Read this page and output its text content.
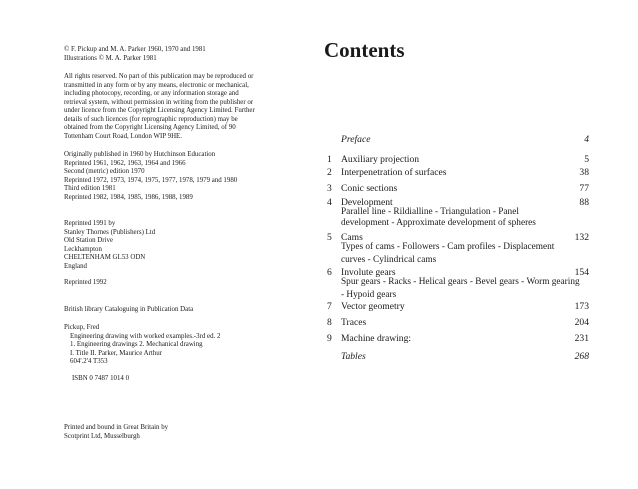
© F. Pickup and M. A. Parker 1960, 1970 and 1981
Illustrations © M. A. Parker 1981
All rights reserved. No part of this publication may be reproduced or
transmitted in any form or by any means, electronic or mechanical,
including photocopy, recording, or any information storage and
retrieval system, without permission in writing from the publisher or
under licence from the Copyright Licensing Agency Limited. Further
details of such licences (for reprographic reproduction) may be
obtained from the Copyright Licensing Agency Limited, of 90
Tottenham Court Road, London WIP 9HE.
Originally published in 1960 by Hutchinson Education
Reprinted 1961, 1962, 1963, 1964 and 1966
Second (metric) edition 1970
Reprinted 1972, 1973, 1974, 1975, 1977, 1978, 1979 and 1980
Third edition 1981
Reprinted 1982, 1984, 1985, 1986, 1988, 1989
Reprinted 1991 by
Stanley Thornes (Publishers) Ltd
Old Station Drive
Leckhampton
CHELTENHAM GL53 ODN
England
Reprinted 1992
British library Cataloguing in Publication Data
Pickup, Fred
Engineering drawing with worked examples.-3rd ed. 2
1. Engineering drawings 2. Mechanical drawing
I. Title II. Parker, Maurice Arthur
604'.2'4 T353
ISBN 0 7487 1014 0
Printed and bound in Great Britain by
Scotprint Ltd, Musselburgh
Contents
Preface	4
1 Auxiliary projection	5
2 Interpenetration of surfaces	38
3 Conic sections	77
4 Development	88
Parallel line - Rildialline - Triangulation - Panel
development - Approximate development of spheres
5 Cams	132
Types of cams - Followers - Cam profiles - Displacement
curves - Cylindrical cams
6 Involute gears	154
Spur gears - Racks - Helical gears - Bevel gears - Worm gearing
- Hypoid gears
7 Vector geometry	173
8 Traces	204
9 Machine drawing:	231
Tables	268
